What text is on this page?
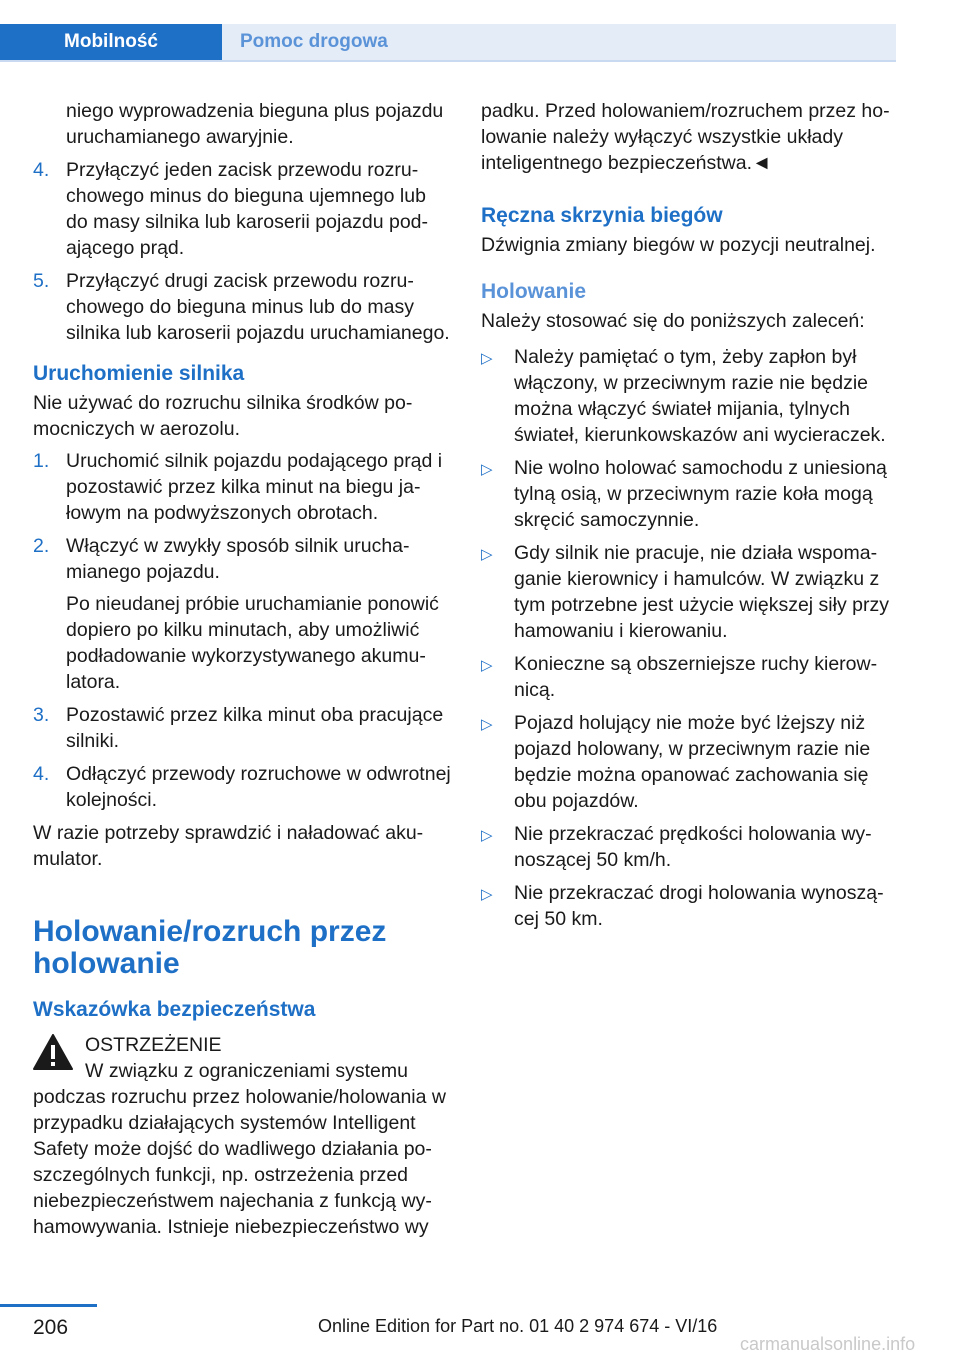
Mobilność	Pomoc drogowa
niego wyprowadzenia bieguna plus pojazdu uruchamianego awaryjnie.
4. Przyłączyć jeden zacisk przewodu rozruchowego minus do bieguna ujemnego lub do masy silnika lub karoserii pojazdu podającego prąd.
5. Przyłączyć drugi zacisk przewodu rozruchowego do bieguna minus lub do masy silnika lub karoserii pojazdu uruchamianego.
Uruchomienie silnika
Nie używać do rozruchu silnika środków pomocniczych w aerozolu.
1. Uruchomić silnik pojazdu podającego prąd i pozostawić przez kilka minut na biegu jałowym na podwyższonych obrotach.
2. Włączyć w zwykły sposób silnik uruchamianego pojazdu.
Po nieudanej próbie uruchamianie ponowić dopiero po kilku minutach, aby umożliwić podładowanie wykorzystywanego akumulatora.
3. Pozostawić przez kilka minut oba pracujące silniki.
4. Odłączyć przewody rozruchowe w odwrotnej kolejności.
W razie potrzeby sprawdzić i naładować akumulator.
Holowanie/rozruch przez holowanie
Wskazówka bezpieczeństwa
OSTRZEŻENIE
W związku z ograniczeniami systemu
podczas rozruchu przez holowanie/holowania w przypadku działających systemów Intelligent Safety może dojść do wadliwego działania poszczególnych funkcji, np. ostrzeżenia przed niebezpieczeństwem najechania z funkcją wyhamowywania. Istnieje niebezpieczeństwo wy
padku. Przed holowaniem/rozruchem przez holowanie należy wyłączyć wszystkie układy inteligentnego bezpieczeństwa.◄
Ręczna skrzynia biegów
Dźwignia zmiany biegów w pozycji neutralnej.
Holowanie
Należy stosować się do poniższych zaleceń:
▷	Należy pamiętać o tym, żeby zapłon był włączony, w przeciwnym razie nie będzie można włączyć świateł mijania, tylnych świateł, kierunkowskazów ani wycieraczek.
▷	Nie wolno holować samochodu z uniesioną tylną osią, w przeciwnym razie koła mogą skręcić samoczynnie.
▷	Gdy silnik nie pracuje, nie działa wspomaganie kierownicy i hamulców. W związku z tym potrzebne jest użycie większej siły przy hamowaniu i kierowaniu.
▷	Konieczne są obszerniejsze ruchy kierownicą.
▷	Pojazd holujący nie może być lżejszy niż pojazd holowany, w przeciwnym razie nie będzie można opanować zachowania się obu pojazdów.
▷	Nie przekraczać prędkości holowania wynoszącej 50 km/h.
▷	Nie przekraczać drogi holowania wynoszącej 50 km.
206	Online Edition for Part no. 01 40 2 974 674 - VI/16
carmanualsonline.info
